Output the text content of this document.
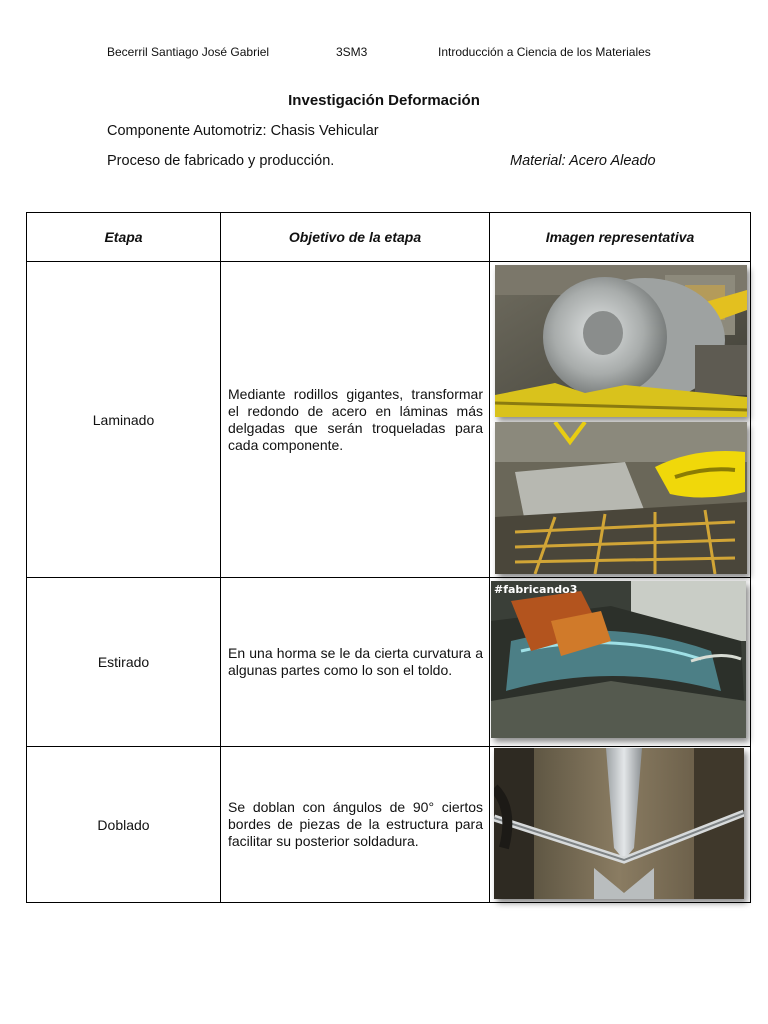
Becerril Santiago José Gabriel	3SM3	Introducción a Ciencia de los Materiales
Investigación Deformación
Componente Automotriz: Chasis Vehicular
Proceso de fabricado y producción.	Material: Acero Aleado
Etapa	Objetivo de la etapa	Imagen representativa
Laminado	Mediante rodillos gigantes, transformar el redondo de acero en láminas más delgadas que serán troqueladas para cada componente.	

Estirado	En una horma se le da cierta curvatura a algunas partes como lo son el toldo.	#fabricando3

Doblado	Se doblan con ángulos de 90° ciertos bordes de piezas de la estructura para facilitar su posterior soldadura.	
